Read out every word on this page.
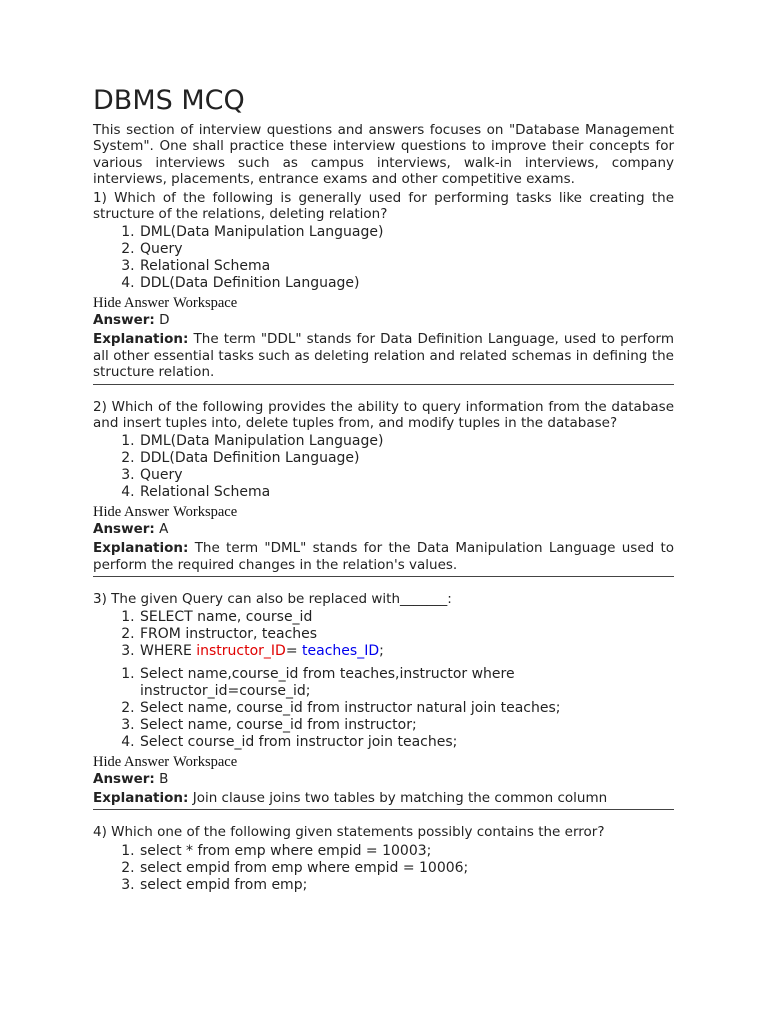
DBMS MCQ

This section of interview questions and answers focuses on "Database Management System". One shall practice these interview questions to improve their concepts for various interviews such as campus interviews, walk-in interviews, company interviews, placements, entrance exams and other competitive exams.

1) Which of the following is generally used for performing tasks like creating the structure of the relations, deleting relation?

1. DML(Data Manipulation Language)
2. Query
3. Relational Schema
4. DDL(Data Definition Language)
Hide Answer Workspace

Answer: D

Explanation: The term "DDL" stands for Data Definition Language, used to perform all other essential tasks such as deleting relation and related schemas in defining the structure relation.

2) Which of the following provides the ability to query information from the database and insert tuples into, delete tuples from, and modify tuples in the database?

1. DML(Data Manipulation Language)
2. DDL(Data Definition Language)
3. Query
4. Relational Schema
Hide Answer Workspace

Answer: A

Explanation: The term "DML" stands for the Data Manipulation Language used to perform the required changes in the relation's values.

3) The given Query can also be replaced with_______:

1. SELECT name, course_id
2. FROM instructor, teaches
3. WHERE instructor_ID= teaches_ID;
1. Select name,course_id from teaches,instructor where instructor_id=course_id;
2. Select name, course_id from instructor natural join teaches;
3. Select name, course_id from instructor;
4. Select course_id from instructor join teaches;
Hide Answer Workspace

Answer: B

Explanation: Join clause joins two tables by matching the common column

4) Which one of the following given statements possibly contains the error?

1. select * from emp where empid = 10003;
2. select empid from emp where empid = 10006;
3. select empid from emp;
